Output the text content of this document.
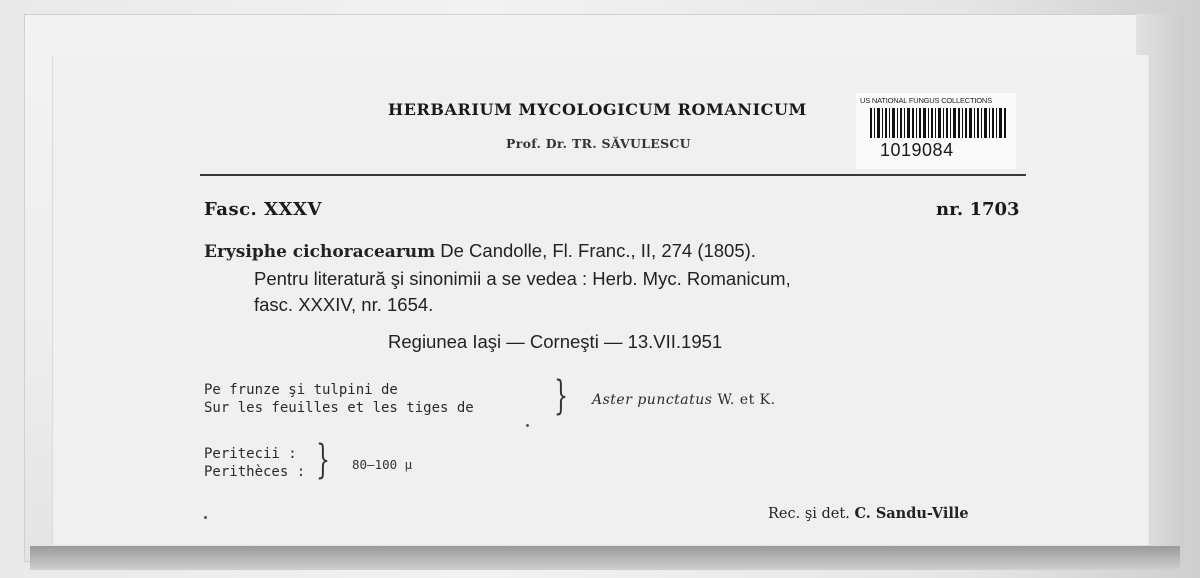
HERBARIUM MYCOLOGICUM ROMANICUM
Prof. Dr. TR. SĂVULESCU
US NATIONAL FUNGUS COLLECTIONS
1019084
Fasc. XXXV	nr. 1703
Erysiphe cichoracearum De Candolle, Fl. Franc., II, 274 (1805).
Pentru literatură şi sinonimii a se vedea : Herb. Myc. Romanicum,
fasc. XXXIV, nr. 1654.
Regiunea Iaşi — Corneşti — 13.VII.1951
Pe frunze şi tulpini de
Sur les feuilles et les tiges de } Aster punctatus W. et K.
Peritecii :
Perithèces : } 80—100 μ
Rec. şi det. C. Sandu-Ville
